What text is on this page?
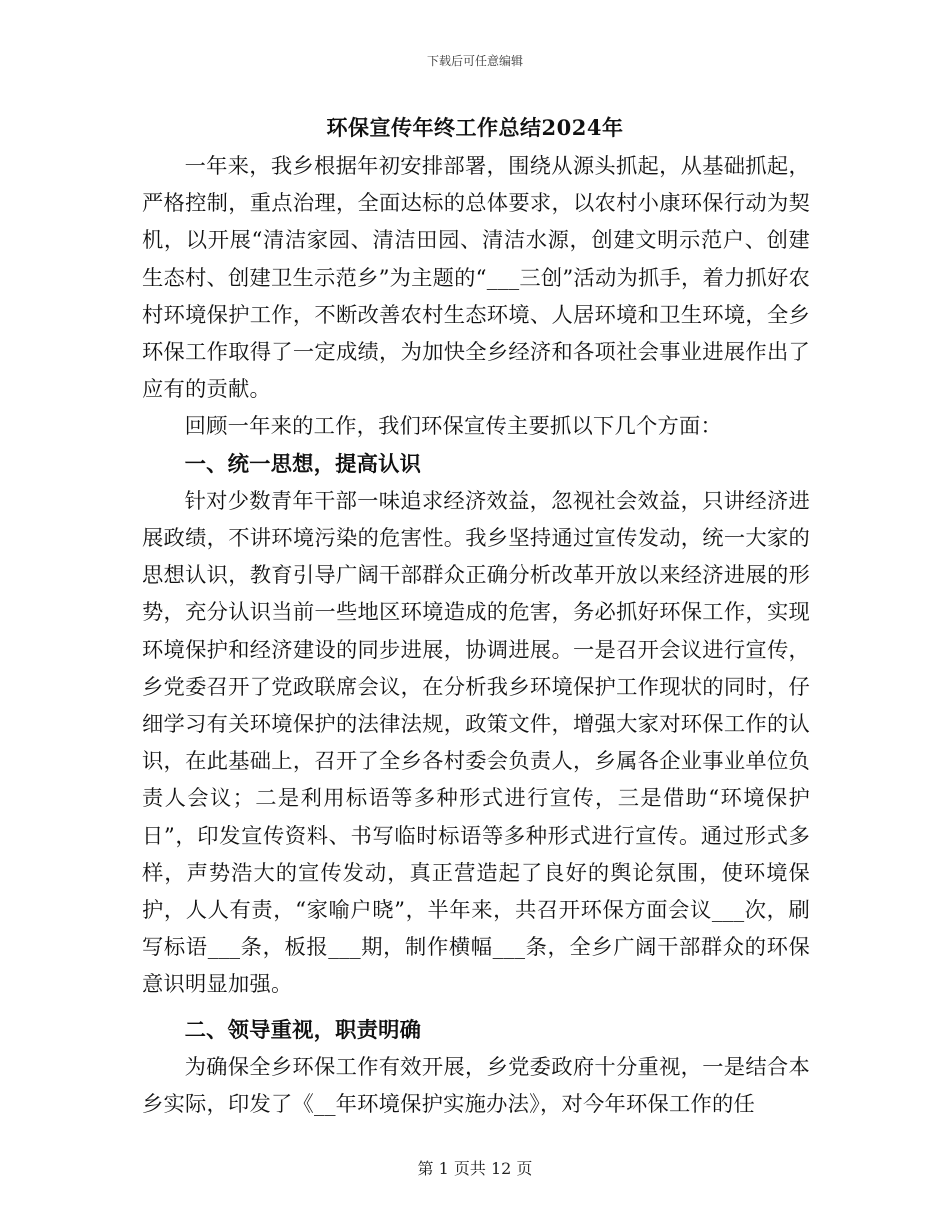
下载后可任意编辑
环保宣传年终工作总结2024年

一年来，我乡根据年初安排部署，围绕从源头抓起，从基础抓起，严格控制，重点治理，全面达标的总体要求，以农村小康环保行动为契机，以开展“清洁家园、清洁田园、清洁水源，创建文明示范户、创建生态村、创建卫生示范乡”为主题的“___三创”活动为抓手，着力抓好农村环境保护工作，不断改善农村生态环境、人居环境和卫生环境，全乡环保工作取得了一定成绩，为加快全乡经济和各项社会事业进展作出了应有的贡献。

回顾一年来的工作，我们环保宣传主要抓以下几个方面：

一、统一思想，提高认识

针对少数青年干部一味追求经济效益，忽视社会效益，只讲经济进展政绩，不讲环境污染的危害性。我乡坚持通过宣传发动，统一大家的思想认识，教育引导广阔干部群众正确分析改革开放以来经济进展的形势，充分认识当前一些地区环境造成的危害，务必抓好环保工作，实现环境保护和经济建设的同步进展，协调进展。一是召开会议进行宣传，乡党委召开了党政联席会议，在分析我乡环境保护工作现状的同时，仔细学习有关环境保护的法律法规，政策文件，增强大家对环保工作的认识，在此基础上，召开了全乡各村委会负责人，乡属各企业事业单位负责人会议；二是利用标语等多种形式进行宣传，三是借助“环境保护日”，印发宣传资料、书写临时标语等多种形式进行宣传。通过形式多样，声势浩大的宣传发动，真正营造起了良好的舆论氛围，使环境保护，人人有责，“家喻户晓”，半年来，共召开环保方面会议___次，刷写标语___条，板报___期，制作横幅___条，全乡广阔干部群众的环保意识明显加强。

二、领导重视，职责明确

为确保全乡环保工作有效开展，乡党委政府十分重视，一是结合本乡实际，印发了《__年环境保护实施办法》，对今年环保工作的任

第 1 页共 12 页
